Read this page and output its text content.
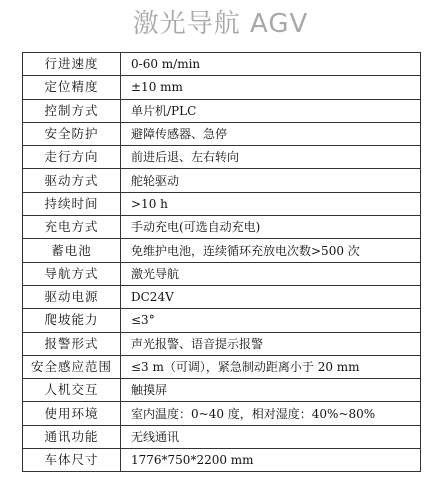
激光导航 AGV
行进速度	0-60 m/min
定位精度	±10 mm
控制方式	单片机/PLC
安全防护	避障传感器、急停
走行方向	前进后退、左右转向
驱动方式	舵轮驱动
持续时间	>10 h
充电方式	手动充电(可选自动充电)
蓄电池	免维护电池，连续循环充放电次数>500 次
导航方式	激光导航
驱动电源	DC24V
爬坡能力	≤3°
报警形式	声光报警、语音提示报警
安全感应范围	≤3 m（可调），紧急制动距离小于 20 mm
人机交互	触摸屏
使用环境	室内温度：0~40 度，相对湿度：40%~80%
通讯功能	无线通讯
车体尺寸	1776*750*2200 mm
